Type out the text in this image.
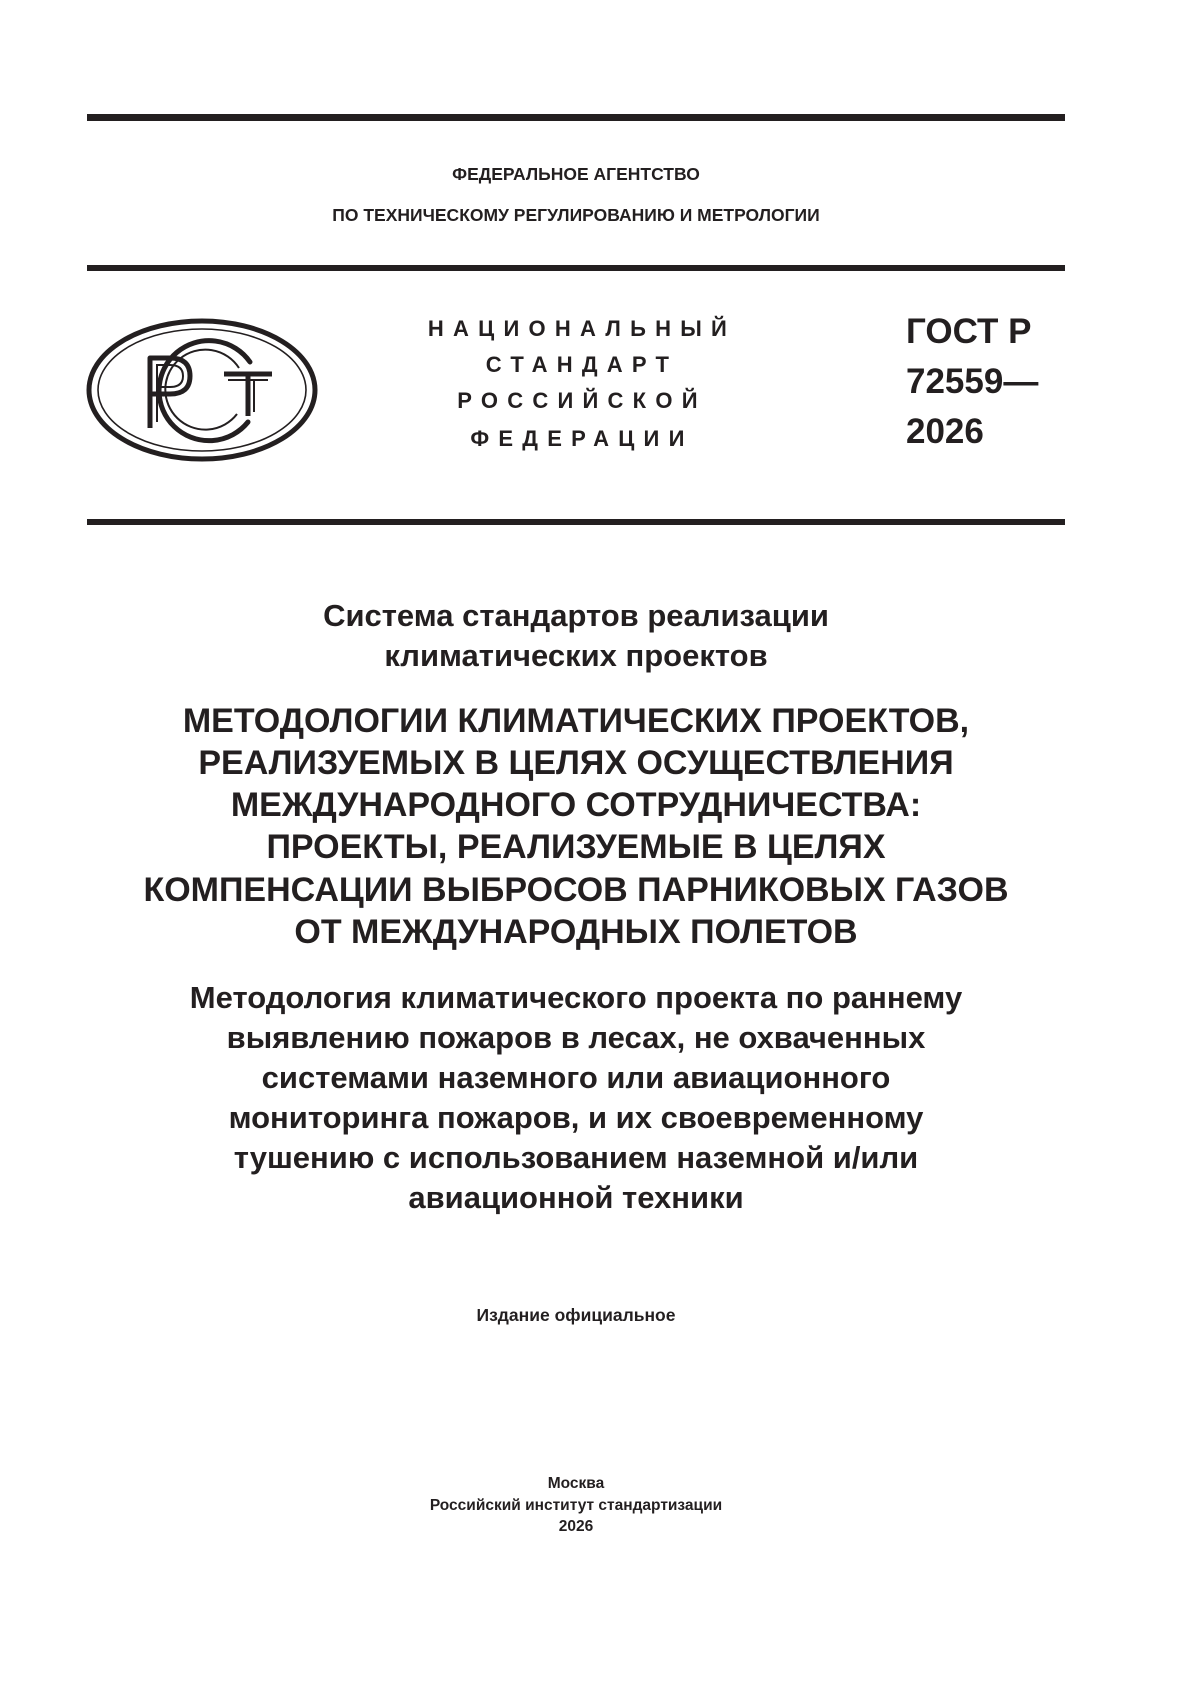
ФЕДЕРАЛЬНОЕ АГЕНТСТВО
ПО ТЕХНИЧЕСКОМУ РЕГУЛИРОВАНИЮ И МЕТРОЛОГИИ
НАЦИОНАЛЬНЫЙ
СТАНДАРТ
РОССИЙСКОЙ
ФЕДЕРАЦИИ
ГОСТ Р
72559—
2026
Система стандартов реализации
климатических проектов
МЕТОДОЛОГИИ КЛИМАТИЧЕСКИХ ПРОЕКТОВ,
РЕАЛИЗУЕМЫХ В ЦЕЛЯХ ОСУЩЕСТВЛЕНИЯ
МЕЖДУНАРОДНОГО СОТРУДНИЧЕСТВА:
ПРОЕКТЫ, РЕАЛИЗУЕМЫЕ В ЦЕЛЯХ
КОМПЕНСАЦИИ ВЫБРОСОВ ПАРНИКОВЫХ ГАЗОВ
ОТ МЕЖДУНАРОДНЫХ ПОЛЕТОВ
Методология климатического проекта по раннему
выявлению пожаров в лесах, не охваченных
системами наземного или авиационного
мониторинга пожаров, и их своевременному
тушению с использованием наземной и/или
авиационной техники
Издание официальное
Москва
Российский институт стандартизации
2026
